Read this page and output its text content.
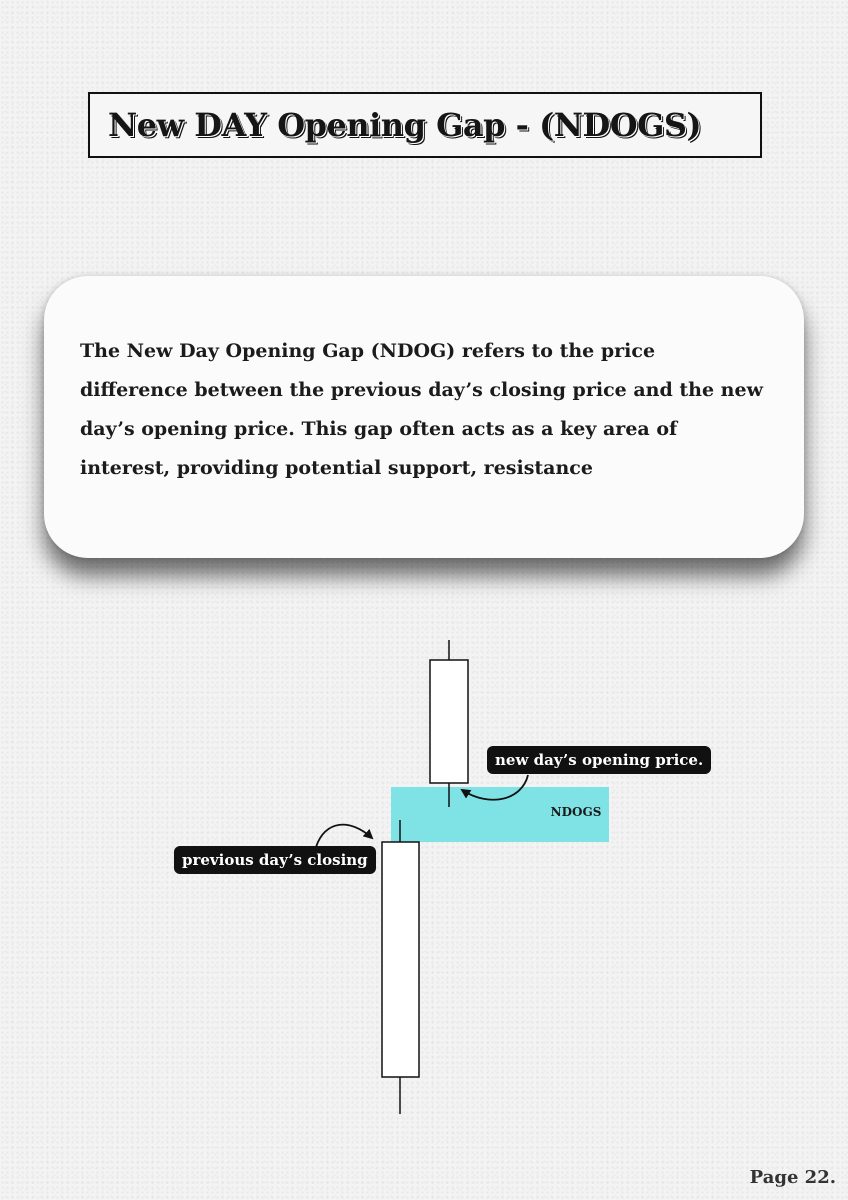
New DAY Opening Gap - (NDOGS)

The New Day Opening Gap (NDOG) refers to the price difference between the previous day’s closing price and the new day’s opening price. This gap often acts as a key area of interest, providing potential support, resistance

NDOGS
new day’s opening price.
previous day’s closing
Page 22.
